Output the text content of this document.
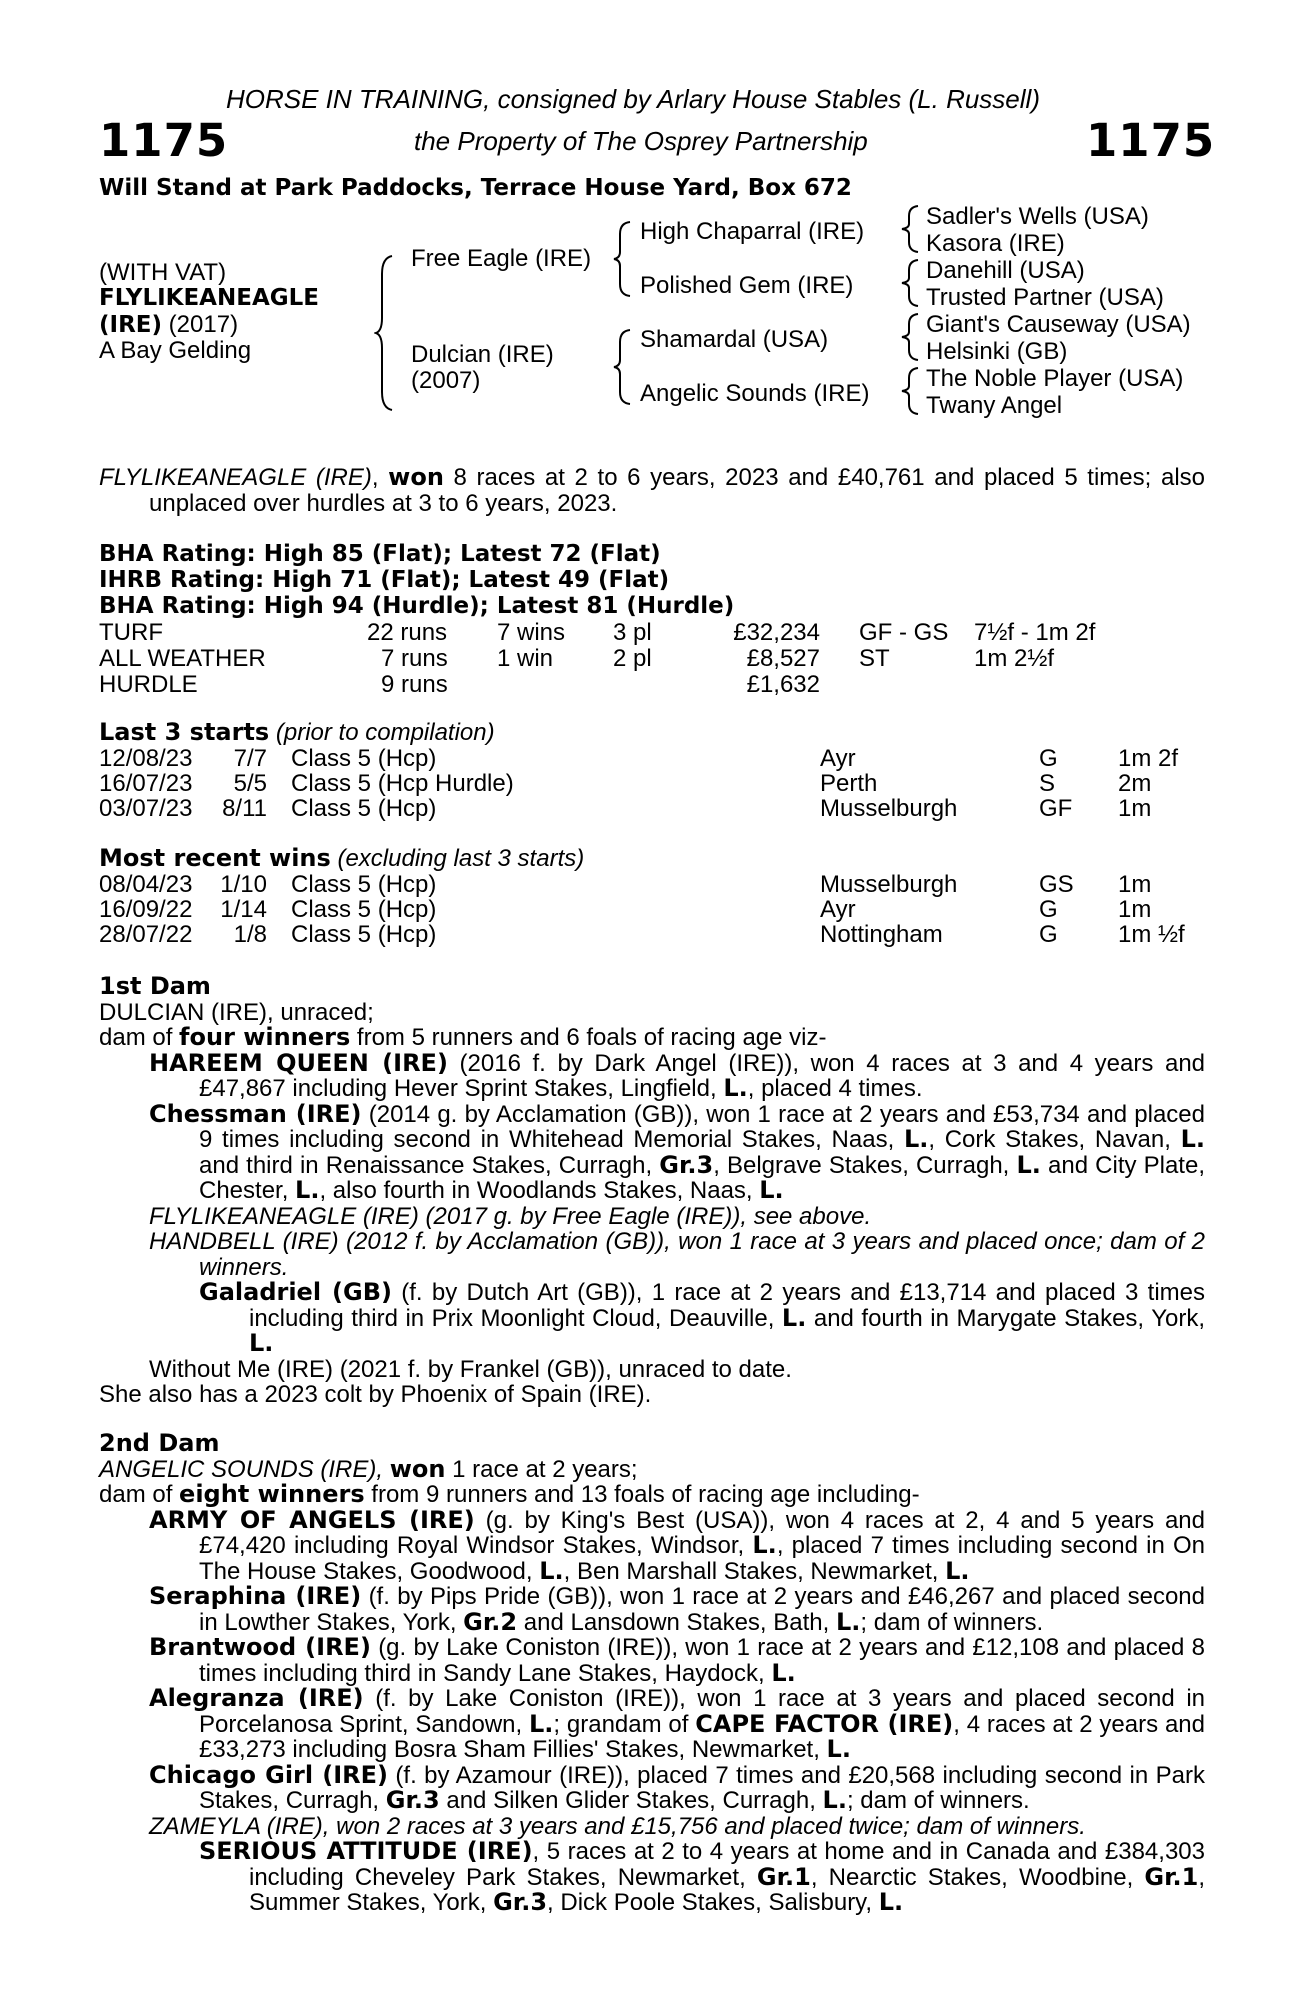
HORSE IN TRAINING, consigned by Arlary House Stables (L. Russell)
1175	the Property of The Osprey Partnership	1175
Will Stand at Park Paddocks, Terrace House Yard, Box 672
(WITH VAT)
FLYLIKEANEAGLE
(IRE) (2017)
A Bay Gelding
Free Eagle (IRE)
Dulcian (IRE)
(2007)
High Chaparral (IRE)
Polished Gem (IRE)
Shamardal (USA)
Angelic Sounds (IRE)
Sadler's Wells (USA)
Kasora (IRE)
Danehill (USA)
Trusted Partner (USA)
Giant's Causeway (USA)
Helsinki (GB)
The Noble Player (USA)
Twany Angel

FLYLIKEANEAGLE (IRE), won 8 races at 2 to 6 years, 2023 and £40,761 and placed 5 times; also unplaced over hurdles at 3 to 6 years, 2023.

BHA Rating: High 85 (Flat); Latest 72 (Flat)
IHRB Rating: High 71 (Flat); Latest 49 (Flat)
BHA Rating: High 94 (Hurdle); Latest 81 (Hurdle)
TURF	22 runs 7 wins 3 pl	£32,234 GF - GS 7½f - 1m 2f
ALL WEATHER	7 runs 1 win 2 pl	£8,527 ST	1m 2½f
HURDLE	9 runs	£1,632
Last 3 starts (prior to compilation)
12/08/23 7/7 Class 5 (Hcp)	Ayr	G	1m 2f
16/07/23 5/5 Class 5 (Hcp Hurdle)	Perth	S	2m
03/07/23 8/11 Class 5 (Hcp)	Musselburgh	GF 1m
Most recent wins (excluding last 3 starts)
08/04/23 1/10 Class 5 (Hcp)	Musselburgh	GS 1m
16/09/22 1/14 Class 5 (Hcp)	Ayr	G	1m
28/07/22	1/8 Class 5 (Hcp)	Nottingham	G	1m ½f

1st Dam

DULCIAN (IRE), unraced;

dam of four winners from 5 runners and 6 foals of racing age viz-

HAREEM QUEEN (IRE) (2016 f. by Dark Angel (IRE)), won 4 races at 3 and 4 years and £47,867 including Hever Sprint Stakes, Lingfield, L., placed 4 times.

Chessman (IRE) (2014 g. by Acclamation (GB)), won 1 race at 2 years and £53,734 and placed 9 times including second in Whitehead Memorial Stakes, Naas, L., Cork Stakes, Navan, L. and third in Renaissance Stakes, Curragh, Gr.3, Belgrave Stakes, Curragh, L. and City Plate, Chester, L., also fourth in Woodlands Stakes, Naas, L.

FLYLIKEANEAGLE (IRE) (2017 g. by Free Eagle (IRE)), see above.

HANDBELL (IRE) (2012 f. by Acclamation (GB)), won 1 race at 3 years and placed once; dam of 2 winners.

Galadriel (GB) (f. by Dutch Art (GB)), 1 race at 2 years and £13,714 and placed 3 times including third in Prix Moonlight Cloud, Deauville, L. and fourth in Marygate Stakes, York, L.

Without Me (IRE) (2021 f. by Frankel (GB)), unraced to date.

She also has a 2023 colt by Phoenix of Spain (IRE).

2nd Dam

ANGELIC SOUNDS (IRE), won 1 race at 2 years;

dam of eight winners from 9 runners and 13 foals of racing age including-

ARMY OF ANGELS (IRE) (g. by King's Best (USA)), won 4 races at 2, 4 and 5 years and £74,420 including Royal Windsor Stakes, Windsor, L., placed 7 times including second in On The House Stakes, Goodwood, L., Ben Marshall Stakes, Newmarket, L.

Seraphina (IRE) (f. by Pips Pride (GB)), won 1 race at 2 years and £46,267 and placed second in Lowther Stakes, York, Gr.2 and Lansdown Stakes, Bath, L.; dam of winners.

Brantwood (IRE) (g. by Lake Coniston (IRE)), won 1 race at 2 years and £12,108 and placed 8 times including third in Sandy Lane Stakes, Haydock, L.

Alegranza (IRE) (f. by Lake Coniston (IRE)), won 1 race at 3 years and placed second in Porcelanosa Sprint, Sandown, L.; grandam of CAPE FACTOR (IRE), 4 races at 2 years and £33,273 including Bosra Sham Fillies' Stakes, Newmarket, L.

Chicago Girl (IRE) (f. by Azamour (IRE)), placed 7 times and £20,568 including second in Park Stakes, Curragh, Gr.3 and Silken Glider Stakes, Curragh, L.; dam of winners.

ZAMEYLA (IRE), won 2 races at 3 years and £15,756 and placed twice; dam of winners.

SERIOUS ATTITUDE (IRE), 5 races at 2 to 4 years at home and in Canada and £384,303 including Cheveley Park Stakes, Newmarket, Gr.1, Nearctic Stakes, Woodbine, Gr.1, Summer Stakes, York, Gr.3, Dick Poole Stakes, Salisbury, L.
